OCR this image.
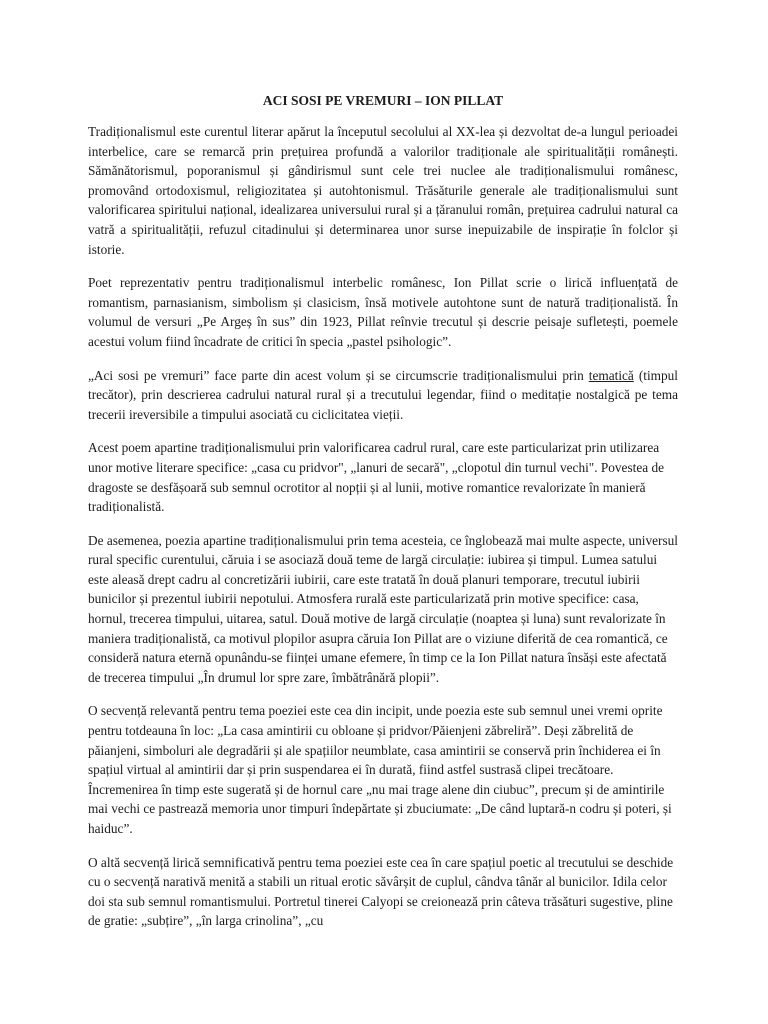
ACI SOSI PE VREMURI – ION PILLAT

Tradiționalismul este curentul literar apărut la începutul secolului al XX-lea și dezvoltat de-a lungul perioadei interbelice, care se remarcă prin prețuirea profundă a valorilor tradiționale ale spiritualității românești. Sămănătorismul, poporanismul și gândirismul sunt cele trei nuclee ale tradiționalismului românesc, promovând ortodoxismul, religiozitatea și autohtonismul. Trăsăturile generale ale tradiționalismului sunt valorificarea spiritului național, idealizarea universului rural și a țăranului român, prețuirea cadrului natural ca vatră a spiritualității, refuzul citadinului și determinarea unor surse inepuizabile de inspirație în folclor și istorie.

Poet reprezentativ pentru tradiționalismul interbelic românesc, Ion Pillat scrie o lirică influențată de romantism, parnasianism, simbolism și clasicism, însă motivele autohtone sunt de natură tradiționalistă. În volumul de versuri „Pe Argeș în sus” din 1923, Pillat reînvie trecutul și descrie peisaje sufletești, poemele acestui volum fiind încadrate de critici în specia „pastel psihologic”.

„Aci sosi pe vremuri” face parte din acest volum și se circumscrie tradiționalismului prin tematică (timpul trecător), prin descrierea cadrului natural rural și a trecutului legendar, fiind o meditație nostalgică pe tema trecerii ireversibile a timpului asociată cu ciclicitatea vieții.

Acest poem apartine tradiționalismului prin valorificarea cadrul rural, care este particularizat prin utilizarea unor motive literare specifice: „casa cu pridvor", „lanuri de secară", „clopotul din turnul vechi". Povestea de dragoste se desfășoară sub semnul ocrotitor al nopții și al lunii, motive romantice revalorizate în manieră tradiționalistă.

De asemenea, poezia apartine tradiționalismului prin tema acesteia, ce înglobează mai multe aspecte, universul rural specific curentului, căruia i se asociază două teme de largă circulație: iubirea și timpul. Lumea satului este aleasă drept cadru al concretizării iubirii, care este tratată în două planuri temporare, trecutul iubirii bunicilor și prezentul iubirii nepotului. Atmosfera rurală este particularizată prin motive specifice: casa, hornul, trecerea timpului, uitarea, satul. Două motive de largă circulație (noaptea și luna) sunt revalorizate în maniera tradiționalistă, ca motivul plopilor asupra căruia Ion Pillat are o viziune diferită de cea romantică, ce consideră natura eternă opunându-se ființei umane efemere, în timp ce la Ion Pillat natura însăși este afectată de trecerea timpului „În drumul lor spre zare, îmbătrânără plopii”.

O secvență relevantă pentru tema poeziei este cea din incipit, unde poezia este sub semnul unei vremi oprite pentru totdeauna în loc: „La casa amintirii cu obloane și pridvor/Păienjeni zăbreliră”. Deși zăbrelită de păianjeni, simboluri ale degradării și ale spațiilor neumblate, casa amintirii se conservă prin închiderea ei în spațiul virtual al amintirii dar și prin suspendarea ei în durată, fiind astfel sustrasă clipei trecătoare. Încremenirea în timp este sugerată și de hornul care „nu mai trage alene din ciubuc”, precum și de amintirile mai vechi ce pastrează memoria unor timpuri îndepărtate și zbuciumate: „De când luptară-n codru și poteri, și haiduc”.

O altă secvență lirică semnificativă pentru tema poeziei este cea în care spațiul poetic al trecutului se deschide cu o secvență narativă menită a stabili un ritual erotic săvârșit de cuplul, cândva tânăr al bunicilor. Idila celor doi sta sub semnul romantismului. Portretul tinerei Calyopi se creionează prin câteva trăsături sugestive, pline de gratie: „subțire”, „în larga crinolina”, „cu
